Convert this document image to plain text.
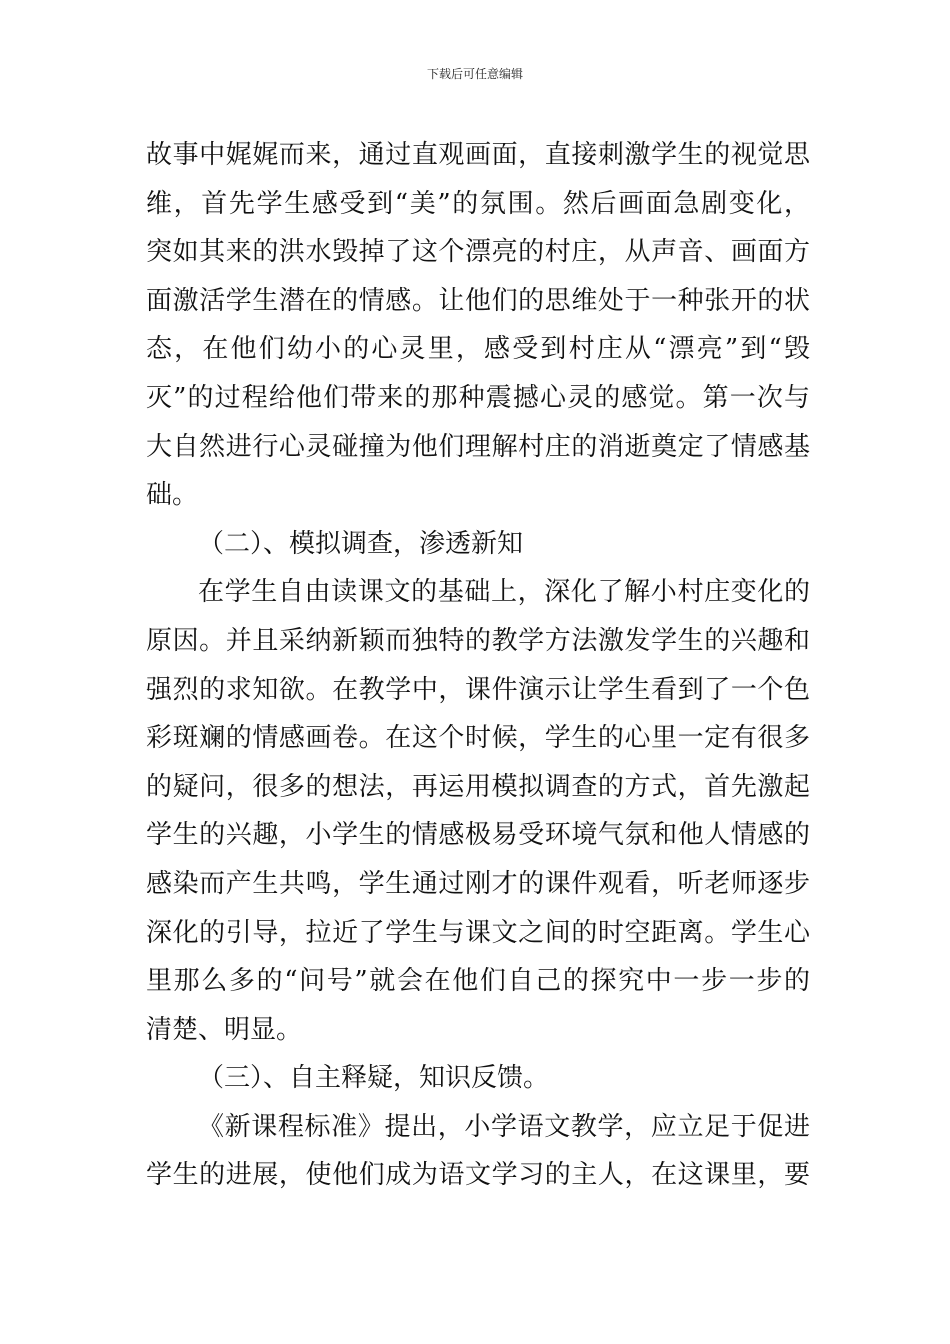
下载后可任意编辑
故事中娓娓而来，通过直观画面，直接刺激学生的视觉思
维，首先学生感受到“美”的氛围。然后画面急剧变化，
突如其来的洪水毁掉了这个漂亮的村庄，从声音、画面方
面激活学生潜在的情感。让他们的思维处于一种张开的状
态，在他们幼小的心灵里，感受到村庄从“漂亮”到“毁
灭”的过程给他们带来的那种震撼心灵的感觉。第一次与
大自然进行心灵碰撞为他们理解村庄的消逝奠定了情感基
础。
（二）、模拟调查，渗透新知
在学生自由读课文的基础上，深化了解小村庄变化的
原因。并且采纳新颖而独特的教学方法激发学生的兴趣和
强烈的求知欲。在教学中，课件演示让学生看到了一个色
彩斑斓的情感画卷。在这个时候，学生的心里一定有很多
的疑问，很多的想法，再运用模拟调查的方式，首先激起
学生的兴趣，小学生的情感极易受环境气氛和他人情感的
感染而产生共鸣，学生通过刚才的课件观看，听老师逐步
深化的引导，拉近了学生与课文之间的时空距离。学生心
里那么多的“问号”就会在他们自己的探究中一步一步的
清楚、明显。
（三）、自主释疑，知识反馈。
《新课程标准》提出，小学语文教学，应立足于促进
学生的进展，使他们成为语文学习的主人，在这课里，要
